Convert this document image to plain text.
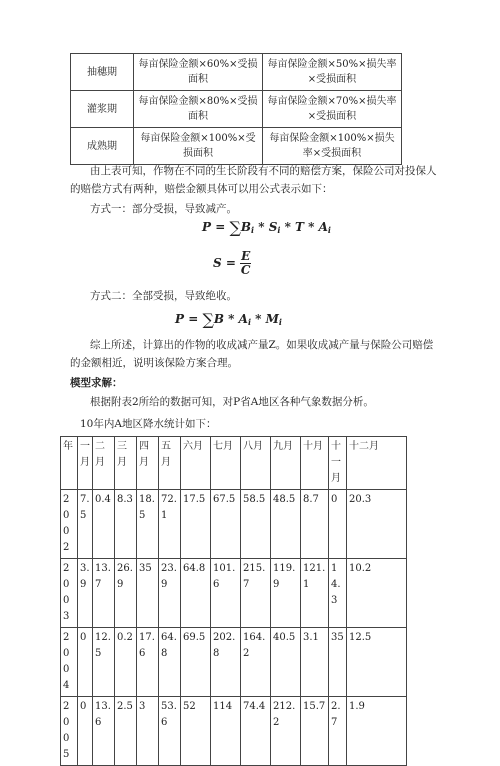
抽穗期	每亩保险金额×60%×受损面积	每亩保险金额×50%×损失率×受损面积
灌浆期	每亩保险金额×80%×受损面积	每亩保险金额×70%×损失率×受损面积
成熟期	每亩保险金额×100%×受损面积	每亩保险金额×100%×损失率×受损面积

由上表可知，作物在不同的生长阶段有不同的赔偿方案，保险公司对投保人的赔偿方式有两种，赔偿金额具体可以用公式表示如下：

方式一：部分受损，导致减产。

$P = \sum B_i * S_i * T * A_i$
$S = \frac{E}{C}$

方式二：全部受损，导致绝收。

$P = \sum B * A_i * M_i$

综上所述，计算出的作物的收成减产量Z。如果收成减产量与保险公司赔偿的金额相近，说明该保险方案合理。

模型求解：

根据附表2所给的数据可知，对P省A地区各种气象数据分析。

10年内A地区降水统计如下：

年	一月	二月	三月	四月	五月	六月	七月	八月	九月	十月	十一月	十二月
2002	7.5	0.4	8.3	18.5	72.1	17.5	67.5	58.5	48.5	8.7	0	20.3
2003	3.9	13.7	26.9	35	23.9	64.8	101.6	215.7	119.9	121.1	14.3	10.2
2004	0	12.5	0.2	17.6	64.8	69.5	202.8	164.2	40.5	3.1	35	12.5
2005	0	13.6	2.5	3	53.6	52	114	74.4	212.2	15.7	2.7	1.9
